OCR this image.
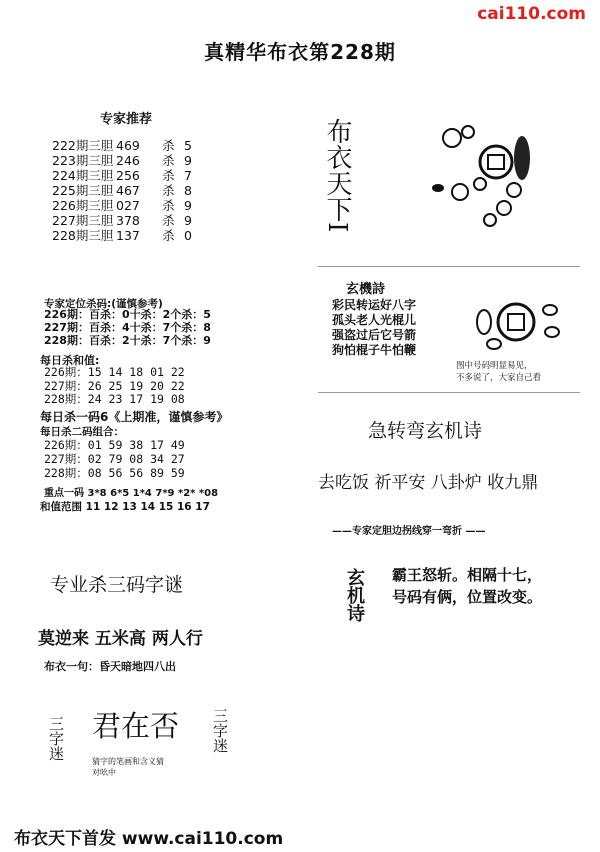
cai110.com
真精华布衣第228期
专家推荐
222期三胆 469 杀 5
223期三胆 246 杀 9
224期三胆 256 杀 7
225期三胆 467 杀 8
226期三胆 027 杀 9
227期三胆 378 杀 9
228期三胆 137 杀 0
专家定位杀码:(谨慎参考)
226期：百杀：0十杀：2个杀：5
227期：百杀：4十杀：7个杀：8
228期：百杀：2十杀：7个杀：9
每日杀和值:
226期：15 14 18 01 22
227期：26 25 19 20 22
228期：24 23 17 19 08
每日杀一码6《上期准，谨慎参考》
每日杀二码组合：
226期：01 59 38 17 49
227期：02 79 08 34 27
228期：08 56 56 89 59
重点一码 3*8 6*5 1*4 7*9 *2* *08
和值范围 11 12 13 14 15 16 17
专业杀三码字谜
莫逆来 五米高 两人行
布衣一句：昏天暗地四八出
三字迷 君在否 三字迷
猜字的笔画和含义猜
对吆中
布衣天下I
玄機詩
彩民转运好八字
孤头老人光棍儿
强盗过后它号箭
狗怕棍子牛怕鞭
图中号码明显易见，
不多说了，大家自己看
急转弯玄机诗
去吃饭 祈平安 八卦炉 收九鼎
——专家定胆边拐线穿一弯折 ——
玄机诗 霸王怒斩。相隔十七，
号码有俩，位置改变。
布衣天下首发 www.cai110.com
